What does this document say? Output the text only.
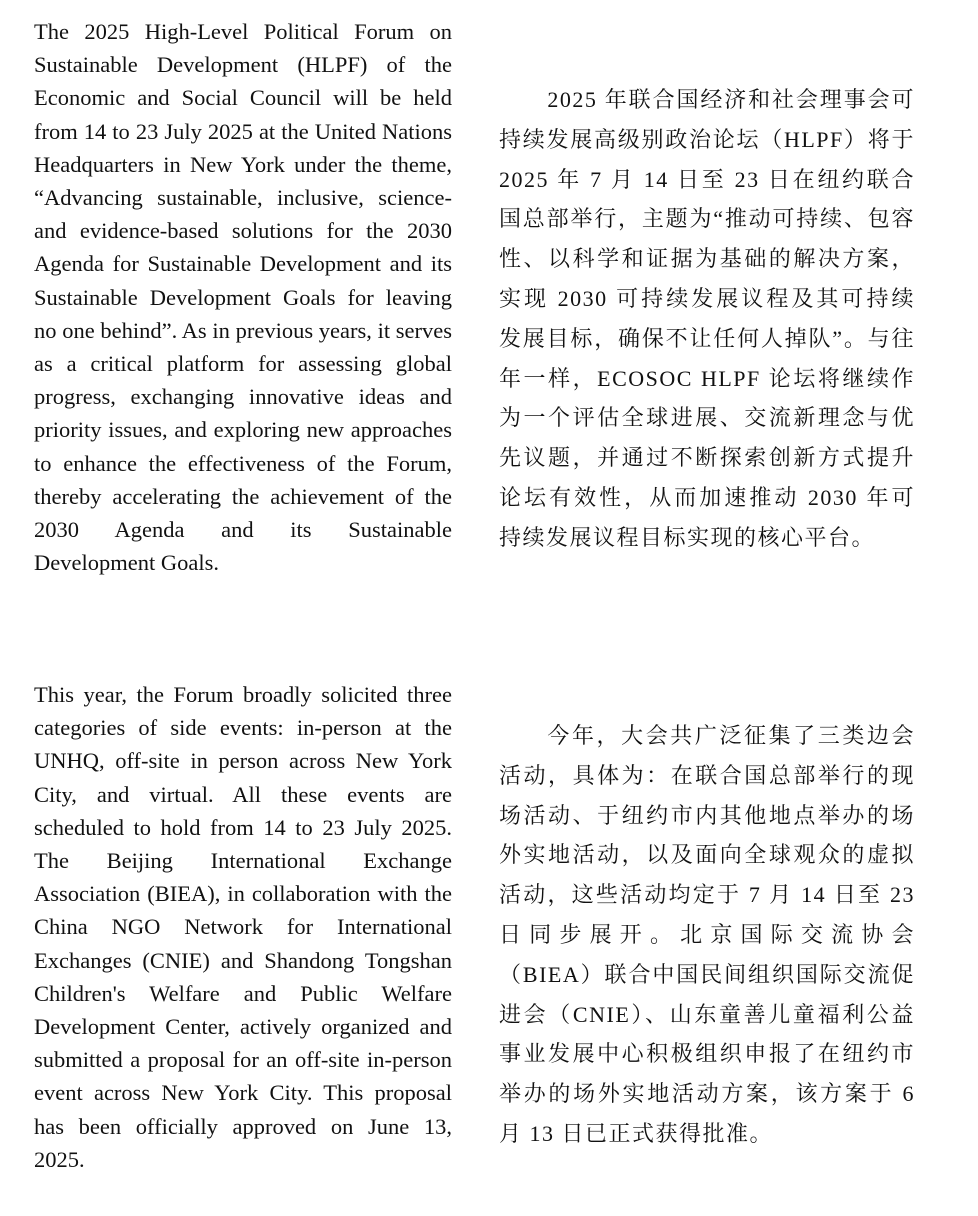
The 2025 High-Level Political Forum on Sustainable Development (HLPF) of the Economic and Social Council will be held from 14 to 23 July 2025 at the United Nations Headquarters in New York under the theme, “Advancing sustainable, inclusive, science- and evidence-based solutions for the 2030 Agenda for Sustainable Development and its Sustainable Development Goals for leaving no one behind”. As in previous years, it serves as a critical platform for assessing global progress, exchanging innovative ideas and priority issues, and exploring new approaches to enhance the effectiveness of the Forum, thereby accelerating the achievement of the 2030 Agenda and its Sustainable Development Goals.

This year, the Forum broadly solicited three categories of side events: in-person at the UNHQ, off-site in person across New York City, and virtual. All these events are scheduled to hold from 14 to 23 July 2025. The Beijing International Exchange Association (BIEA), in collaboration with the China NGO Network for International Exchanges (CNIE) and Shandong Tongshan Children's Welfare and Public Welfare Development Center, actively organized and submitted a proposal for an off-site in-person event across New York City. This proposal has been officially approved on June 13, 2025.

2025 年联合国经济和社会理事会可持续发展高级别政治论坛（HLPF）将于 2025 年 7 月 14 日至 23 日在纽约联合国总部举行，主题为“推动可持续、包容性、以科学和证据为基础的解决方案，实现 2030 可持续发展议程及其可持续发展目标，确保不让任何人掉队”。与往年一样，ECOSOC HLPF 论坛将继续作为一个评估全球进展、交流新理念与优先议题，并通过不断探索创新方式提升论坛有效性，从而加速推动 2030 年可持续发展议程目标实现的核心平台。

今年，大会共广泛征集了三类边会活动，具体为：在联合国总部举行的现场活动、于纽约市内其他地点举办的场外实地活动，以及面向全球观众的虚拟活动，这些活动均定于 7 月 14 日至 23 日同步展开。北京国际交流协会（BIEA）联合中国民间组织国际交流促进会（CNIE）、山东童善儿童福利公益事业发展中心积极组织申报了在纽约市举办的场外实地活动方案，该方案于 6 月 13 日已正式获得批准。
